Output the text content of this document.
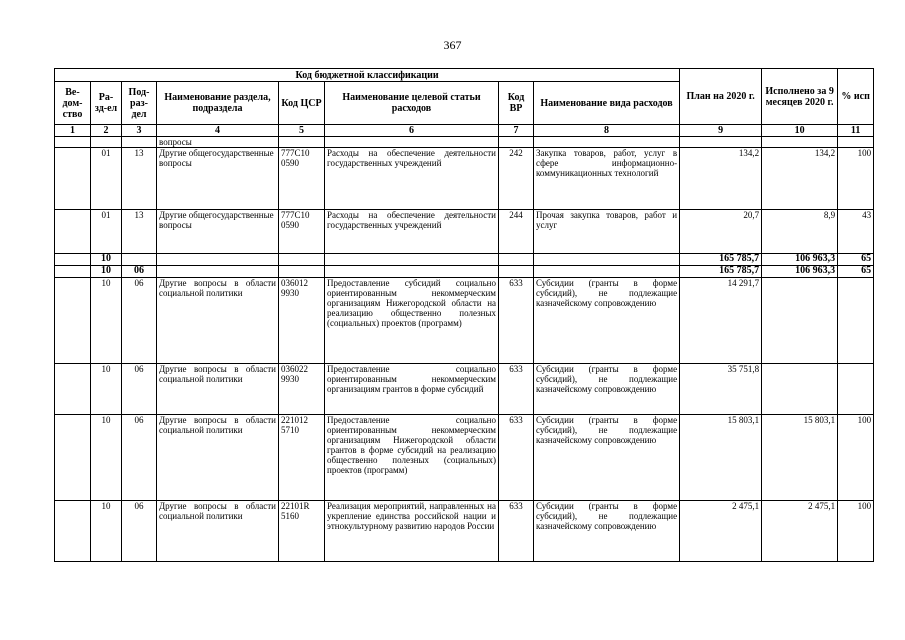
367
Код бюджетной классификации								План на 2020 г.	Исполнено за 9 месяцев 2020 г.	% исп
Ве-дом-ство	Ра-зд-ел	Под-раз-дел	Наименование раздела, подраздела	Код ЦСР	Наименование целевой статьи расходов	Код ВР	Наименование вида расходов			
1	2	3	4	5	6	7	8	9	10	11
			вопросы							
	01	13	Другие общегосударственные вопросы	777С10 0590	Расходы на обеспечение деятельности государственных учреждений	242	Закупка товаров, работ, услуг в сфере информационно-коммуникационных технологий	134,2	134,2	100
	01	13	Другие общегосударственные вопросы	777С10 0590	Расходы на обеспечение деятельности государственных учреждений	244	Прочая закупка товаров, работ и услуг	20,7	8,9	43
	10							165 785,7	106 963,3	65
	10	06						165 785,7	106 963,3	65
	10	06	Другие вопросы в области социальной политики	036012 9930	Предоставление субсидий социально ориентированным некоммерческим организациям Нижегородской области на реализацию общественно полезных (социальных) проектов (программ)	633	Субсидии (гранты в форме субсидий), не подлежащие казначейскому сопровождению	14 291,7		
	10	06	Другие вопросы в области социальной политики	036022 9930	Предоставление социально ориентированным некоммерческим организациям грантов в форме субсидий	633	Субсидии (гранты в форме субсидий), не подлежащие казначейскому сопровождению	35 751,8		
	10	06	Другие вопросы в области социальной политики	221012 5710	Предоставление социально ориентированным некоммерческим организациям Нижегородской области грантов в форме субсидий на реализацию общественно полезных (социальных) проектов (программ)	633	Субсидии (гранты в форме субсидий), не подлежащие казначейскому сопровождению	15 803,1	15 803,1	100
	10	06	Другие вопросы в области социальной политики	22101R 5160	Реализация мероприятий, направленных на укрепление единства российской нации и этнокультурному развитию народов России	633	Субсидии (гранты в форме субсидий), не подлежащие казначейскому сопровождению	2 475,1	2 475,1	100
